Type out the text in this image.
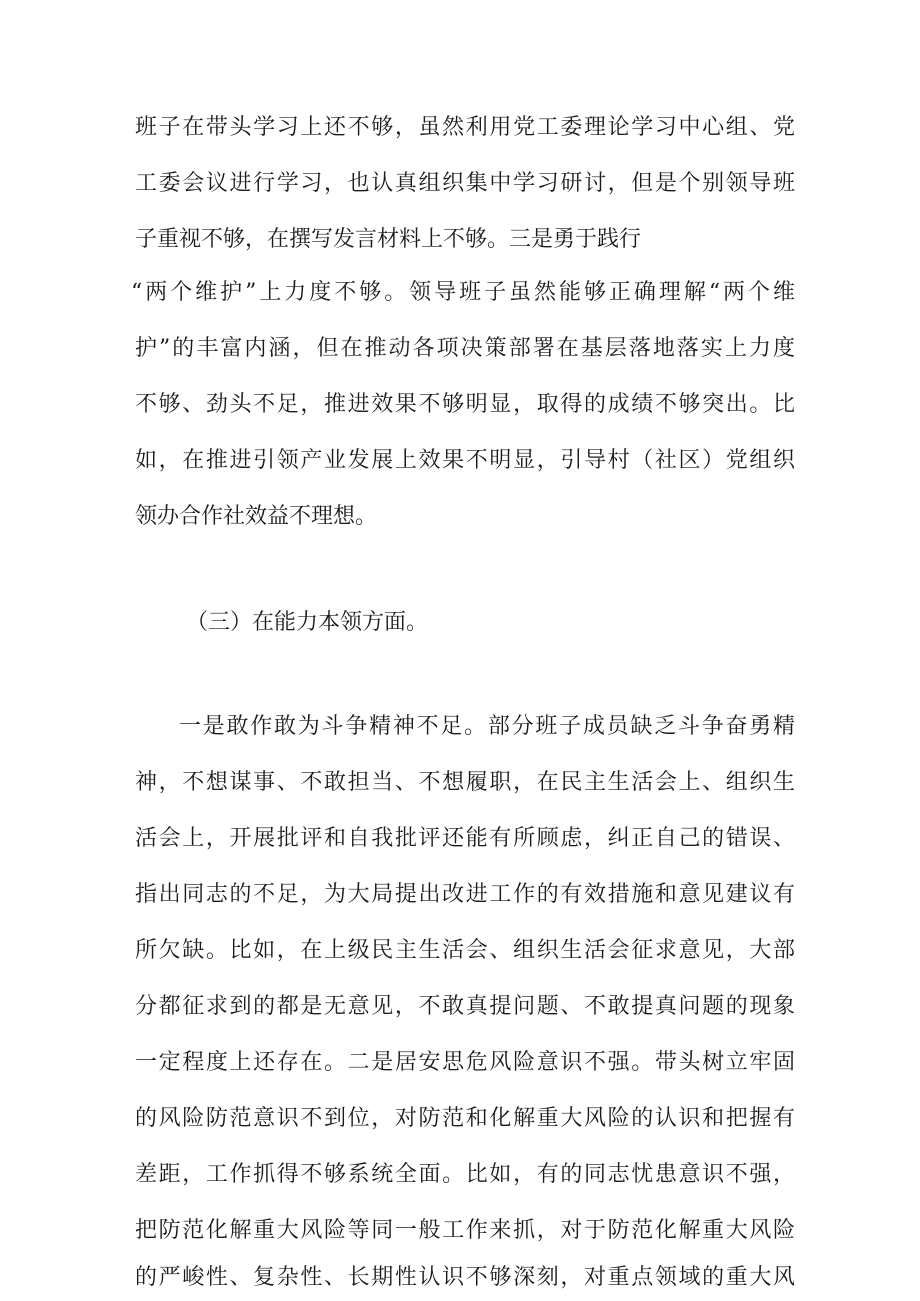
班子在带头学习上还不够，虽然利用党工委理论学习中心组、党
工委会议进行学习，也认真组织集中学习研讨，但是个别领导班
子重视不够，在撰写发言材料上不够。三是勇于践行
“两个维护”上力度不够。领导班子虽然能够正确理解“两个维
护”的丰富内涵，但在推动各项决策部署在基层落地落实上力度
不够、劲头不足，推进效果不够明显，取得的成绩不够突出。比
如，在推进引领产业发展上效果不明显，引导村（社区）党组织
领办合作社效益不理想。
（三）在能力本领方面。
一是敢作敢为斗争精神不足。部分班子成员缺乏斗争奋勇精
神，不想谋事、不敢担当、不想履职，在民主生活会上、组织生
活会上，开展批评和自我批评还能有所顾虑，纠正自己的错误、
指出同志的不足，为大局提出改进工作的有效措施和意见建议有
所欠缺。比如，在上级民主生活会、组织生活会征求意见，大部
分都征求到的都是无意见，不敢真提问题、不敢提真问题的现象
一定程度上还存在。二是居安思危风险意识不强。带头树立牢固
的风险防范意识不到位，对防范和化解重大风险的认识和把握有
差距，工作抓得不够系统全面。比如，有的同志忧患意识不强，
把防范化解重大风险等同一般工作来抓，对于防范化解重大风险
的严峻性、复杂性、长期性认识不够深刻，对重点领域的重大风
